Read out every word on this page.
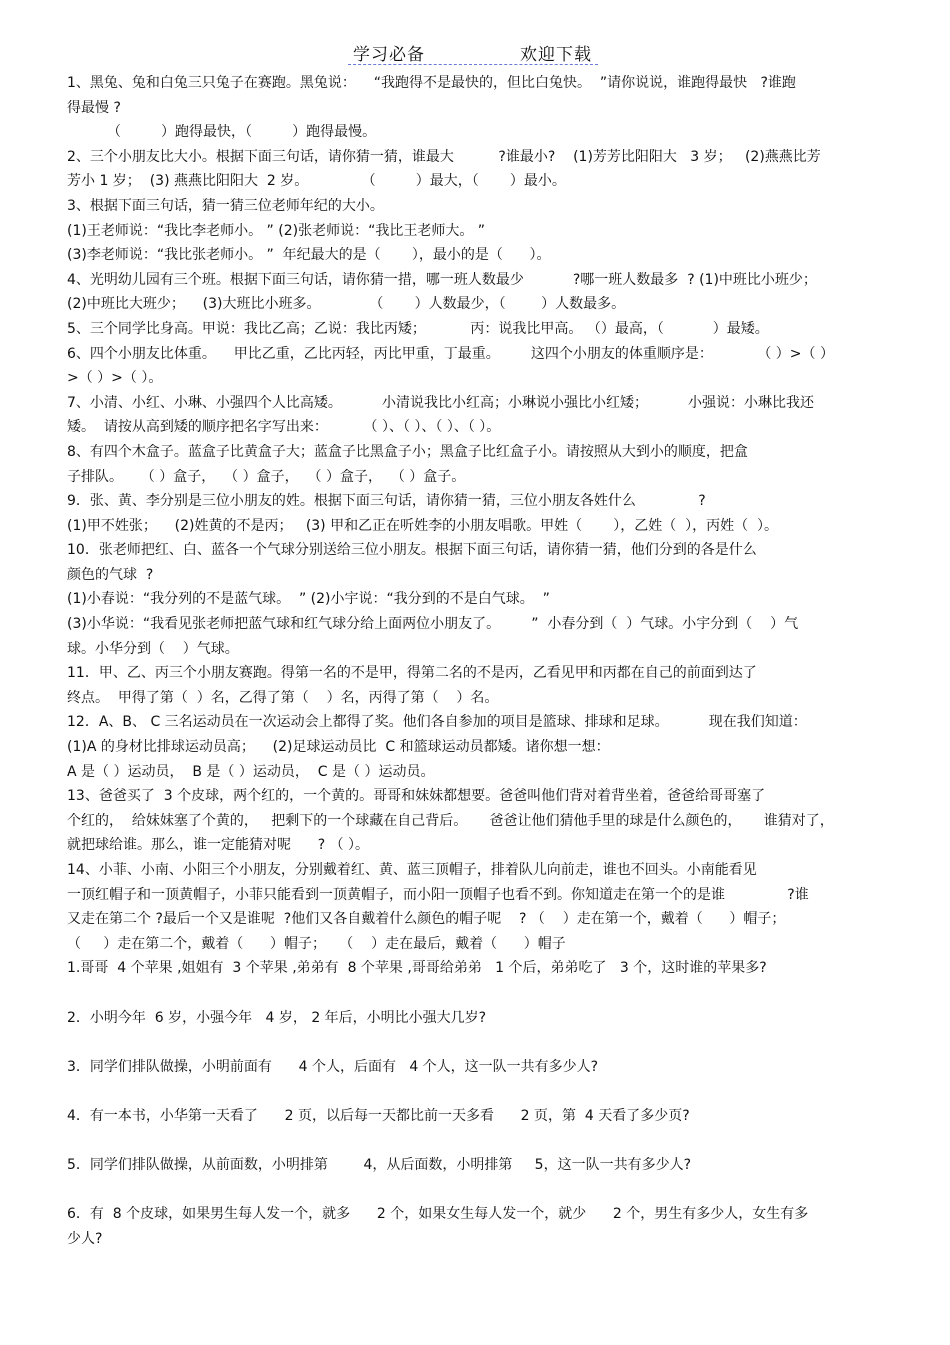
学习必备	欢迎下载

1、黑兔、兔和白兔三只兔子在赛跑。黑兔说：    “我跑得不是最快的，但比白兔快。  ”请你说说，谁跑得最快   ?谁跑

得最慢 ?

（         ）跑得最快，（         ）跑得最慢。

2、三个小朋友比大小。根据下面三句话，请你猜一猜，谁最大          ?谁最小?    (1)芳芳比阳阳大   3 岁；   (2)燕燕比芳

芳小 1 岁；  (3) 燕燕比阳阳大  2 岁。            （         ）最大，（       ）最小。

3、根据下面三句话，猜一猜三位老师年纪的大小。

(1)王老师说：“我比李老师小。 ” (2)张老师说：“我比王老师大。 ”

(3)李老师说：“我比张老师小。 ”  年纪最大的是（       ），最小的是（      ）。

4、光明幼儿园有三个班。根据下面三句话，请你猜一措，哪一班人数最少           ?哪一班人数最多  ? (1)中班比小班少；

(2)中班比大班少；    (3)大班比小班多。           （       ）人数最少，（        ）人数最多。

5、三个同学比身高。甲说：我比乙高；乙说：我比丙矮；          丙：说我比甲高。 （）最高，（           ）最矮。

6、四个小朋友比体重。    甲比乙重，乙比丙轻，丙比甲重，丁最重。       这四个小朋友的体重顺序是：          （ ）>（ ）

>（ ）>（ ）。

7、小清、小红、小琳、小强四个人比高矮。         小清说我比小红高；小琳说小强比小红矮；         小强说：小琳比我还

矮。  请按从高到矮的顺序把名字写出来：        （ ）、（ ）、（ ）、（ ）。

8、有四个木盒子。蓝盒子比黄盒子大；蓝盒子比黑盒子小；黑盒子比红盒子小。请按照从大到小的顺度，把盒

子排队。    （ ）盒子，  （ ）盒子，  （ ）盒子，  （ ）盒子。

9．张、黄、李分别是三位小朋友的姓。根据下面三句话，请你猜一猜，三位小朋友各姓什么              ?

(1)甲不姓张；    (2)姓黄的不是丙；   (3) 甲和乙正在听姓李的小朋友唱歌。甲姓（       ），乙姓（  ），丙姓（  ）。

10．张老师把红、白、蓝各一个气球分别送给三位小朋友。根据下面三句话，请你猜一猜，他们分到的各是什么

颜色的气球  ?

(1)小春说：“我分列的不是蓝气球。  ” (2)小宇说：“我分到的不是白气球。  ”

(3)小华说：“我看见张老师把蓝气球和红气球分给上面两位小朋友了。       ”  小春分到（  ）气球。小宇分到（    ）气

球。小华分到（    ）气球。

11．甲、乙、丙三个小朋友赛跑。得第一名的不是甲，得第二名的不是丙，乙看见甲和丙都在自己的前面到达了

终点。  甲得了第（  ）名，乙得了第（    ）名，丙得了第（    ）名。

12．A、B、 C 三名运动员在一次运动会上都得了奖。他们各自参加的项目是篮球、排球和足球。         现在我们知道：

(1)A 的身材比排球运动员高；    (2)足球运动员比  C 和篮球运动员都矮。诸你想一想：

A 是（ ）运动员，  B 是（ ）运动员，  C 是（ ）运动员。

13、爸爸买了  3 个皮球，两个红的，一个黄的。哥哥和妹妹都想要。爸爸叫他们背对着背坐着，爸爸给哥哥塞了

个红的，  给妹妹塞了个黄的，   把剩下的一个球藏在自己背后。     爸爸让他们猜他手里的球是什么颜色的，     谁猜对了，

就把球给谁。那么，谁一定能猜对呢      ? （ ）。

14、小菲、小南、小阳三个小朋友，分别戴着红、黄、蓝三顶帽子，排着队儿向前走，谁也不回头。小南能看见

一顶红帽子和一顶黄帽子，小菲只能看到一顶黄帽子，而小阳一顶帽子也看不到。你知道走在第一个的是谁              ?谁

又走在第二个 ?最后一个又是谁呢  ?他们又各自戴着什么颜色的帽子呢    ? （    ）走在第一个，戴着（      ）帽子；

（     ）走在第二个，戴着（      ）帽子；   （    ）走在最后，戴着（      ）帽子

1.哥哥  4 个苹果 ,姐姐有  3 个苹果 ,弟弟有  8 个苹果 ,哥哥给弟弟   1 个后，弟弟吃了   3 个，这时谁的苹果多?

2．小明今年  6 岁，小强今年   4 岁， 2 年后，小明比小强大几岁?

3．同学们排队做操，小明前面有      4 个人，后面有   4 个人，这一队一共有多少人?

4．有一本书，小华第一天看了      2 页，以后每一天都比前一天多看      2 页，第  4 天看了多少页?

5．同学们排队做操，从前面数，小明排第        4，从后面数，小明排第     5，这一队一共有多少人?

6．有  8 个皮球，如果男生每人发一个，就多      2 个，如果女生每人发一个，就少      2 个，男生有多少人，女生有多

少人?
